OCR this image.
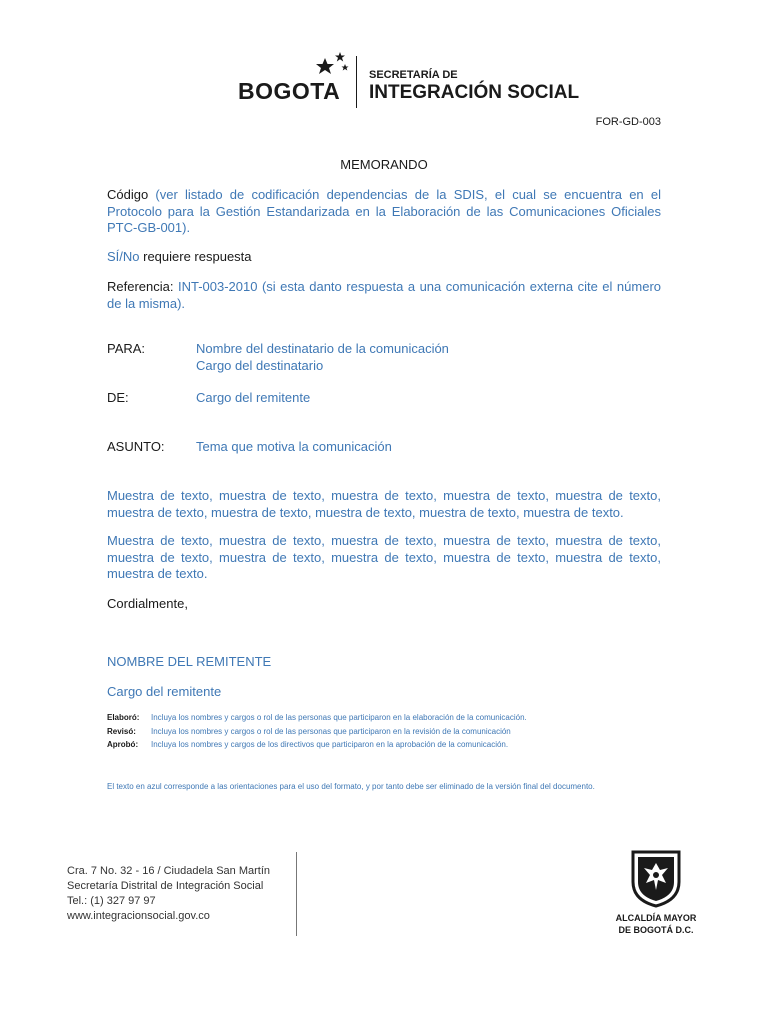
BOGOTA
SECRETARÍA DE
INTEGRACIÓN SOCIAL
FOR-GD-003
MEMORANDO
Código (ver listado de codificación dependencias de la SDIS, el cual se encuentra en el Protocolo para la Gestión Estandarizada en la Elaboración de las Comunicaciones Oficiales PTC-GB-001).
SÍ/No requiere respuesta
Referencia: INT-003-2010 (si esta danto respuesta a una comunicación externa cite el número de la misma).
PARA:	Nombre del destinatario de la comunicación
Cargo del destinatario
DE:	Cargo del remitente
ASUNTO: Tema que motiva la comunicación
Muestra de texto, muestra de texto, muestra de texto, muestra de texto, muestra de texto, muestra de texto, muestra de texto, muestra de texto, muestra de texto, muestra de texto.
Muestra de texto, muestra de texto, muestra de texto, muestra de texto, muestra de texto, muestra de texto, muestra de texto, muestra de texto, muestra de texto, muestra de texto, muestra de texto.
Cordialmente,
NOMBRE DEL REMITENTE
Cargo del remitente
Elaboró: Incluya los nombres y cargos o rol de las personas que participaron en la elaboración de la comunicación.
Revisó: Incluya los nombres y cargos o rol de las personas que participaron en la revisión de la comunicación
Aprobó: Incluya los nombres y cargos de los directivos que participaron en la aprobación de la comunicación.
El texto en azul corresponde a las orientaciones para el uso del formato, y por tanto debe ser eliminado de la versión final del documento.
Cra. 7 No. 32 - 16 / Ciudadela San Martín
Secretaría Distrital de Integración Social
Tel.: (1) 327 97 97
www.integracionsocial.gov.co	ALCALDÍA MAYOR
DE BOGOTÁ D.C.
